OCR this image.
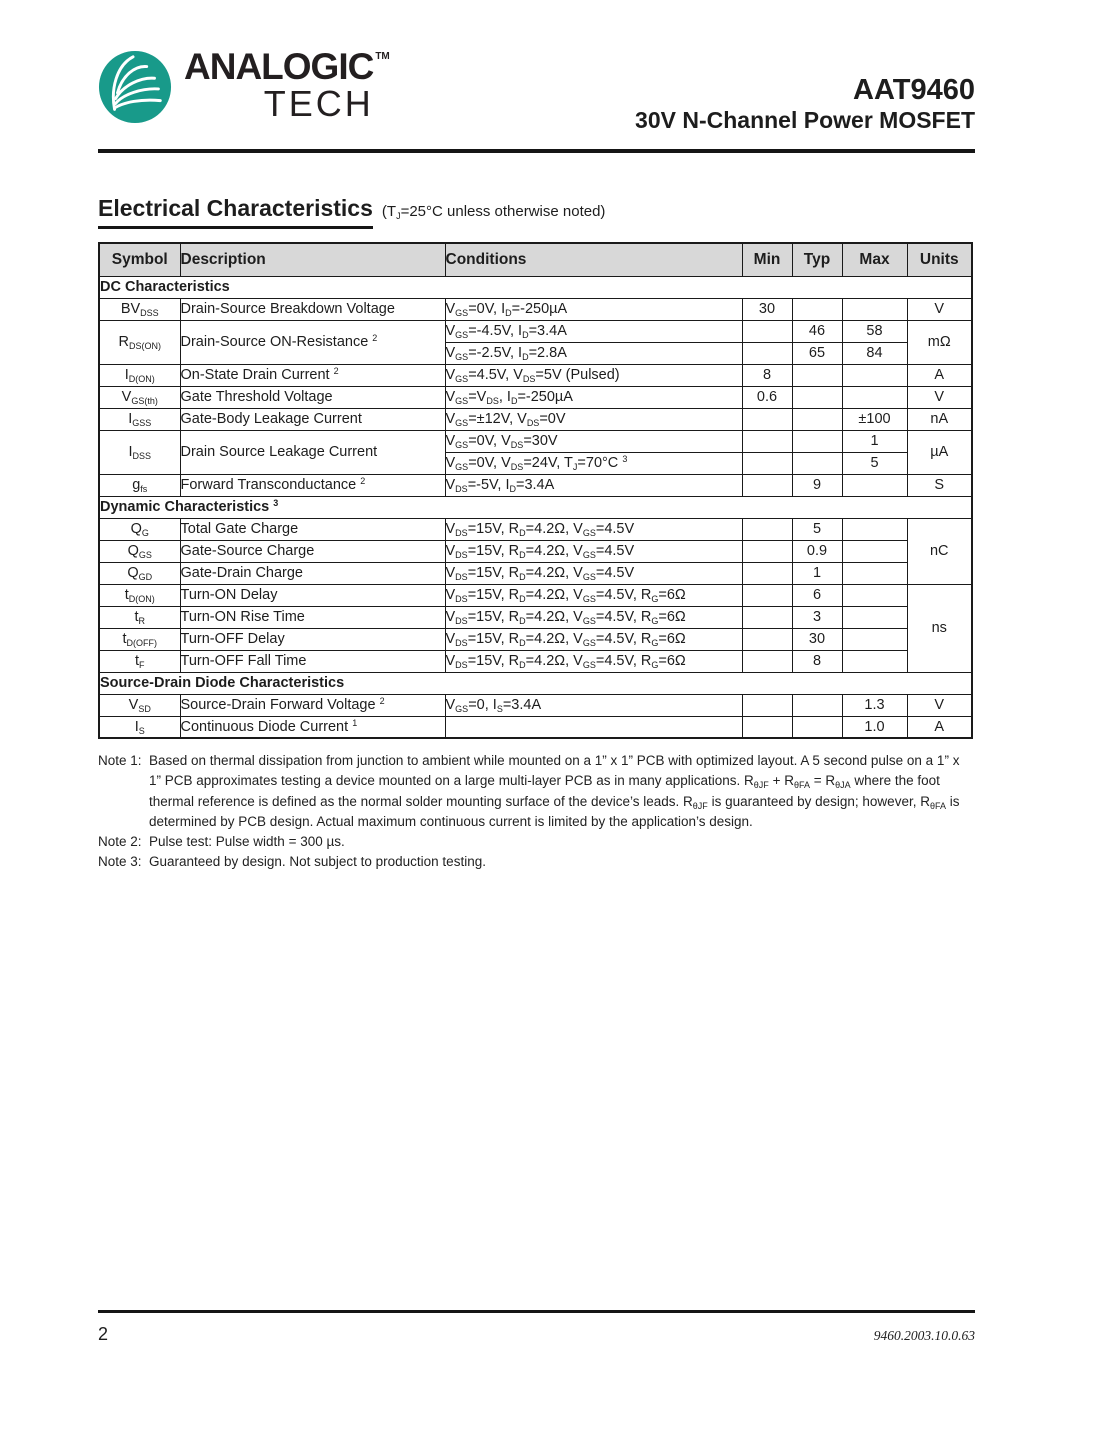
ANALOGIC ™
TECH	AAT9460
30V N-Channel Power MOSFET
Electrical Characteristics ($T_J=25^\circ C$ unless otherwise noted)
Symbol	Description	Conditions	Min	Typ	Max	Units
DC Characteristics						
$BV_{DSS}$	Drain-Source Breakdown Voltage	$V_{GS}=0V$, $I_D=-250\mu A$	30			V
$R_{DS(ON)}$	Drain-Source ON-Resistance $^2$	$V_{GS}=-4.5V$, $I_D=3.4A$		46	58	mΩ
		$V_{GS}=-2.5V$, $I_D=2.8A$		65	84	
$I_{D(ON)}$	On-State Drain Current $^2$	$V_{GS}=4.5V$, $V_{DS}=5V$ (Pulsed)	8			A
$V_{GS(th)}$	Gate Threshold Voltage	$V_{GS}=V_{DS}$, $I_D=-250\mu A$	0.6			V
$I_{GSS}$	Gate-Body Leakage Current	$V_{GS}=\pm 12V$, $V_{DS}=0V$			±100	nA
$I_{DSS}$	Drain Source Leakage Current	$V_{GS}=0V$, $V_{DS}=30V$			1	µA
		$V_{GS}=0V$, $V_{DS}=24V$, $T_J=70^\circ C$ $^3$			5	
$g_{fs}$	Forward Transconductance $^2$	$V_{DS}=-5V$, $I_D=3.4A$		9		S
Dynamic Characteristics $^3$
$Q_G$	Total Gate Charge	$V_{DS}=15V$, $R_D=4.2\Omega$, $V_{GS}=4.5V$		5		nC
$Q_{GS}$	Gate-Source Charge	$V_{DS}=15V$, $R_D=4.2\Omega$, $V_{GS}=4.5V$		0.9		
$Q_{GD}$	Gate-Drain Charge	$V_{DS}=15V$, $R_D=4.2\Omega$, $V_{GS}=4.5V$		1		
$t_{D(ON)}$	Turn-ON Delay	$V_{DS}=15V$, $R_D=4.2\Omega$, $V_{GS}=4.5V$, $R_G=6\Omega$		6		ns
$t_R$	Turn-ON Rise Time	$V_{DS}=15V$, $R_D=4.2\Omega$, $V_{GS}=4.5V$, $R_G=6\Omega$		3		
$t_{D(OFF)}$	Turn-OFF Delay	$V_{DS}=15V$, $R_D=4.2\Omega$, $V_{GS}=4.5V$, $R_G=6\Omega$		30		
$t_F$	Turn-OFF Fall Time	$V_{DS}=15V$, $R_D=4.2\Omega$, $V_{GS}=4.5V$, $R_G=6\Omega$		8		
Source-Drain Diode Characteristics						
$V_{SD}$	Source-Drain Forward Voltage $^2$	$V_{GS}=0$, $I_S=3.4A$			1.3	V
$I_S$	Continuous Diode Current $^1$				1.0	A
Note 1: Based on thermal dissipation from junction to ambient while mounted on a 1” x 1” PCB with optimized layout. A 5 second pulse on a 1” x 1” PCB approximates testing a device mounted on a large multi-layer PCB as in many applications. $R_{\theta JF} + R_{\theta FA} = R_{\theta JA}$ where the foot thermal reference is defined as the normal solder mounting surface of the device’s leads. $R_{\theta JF}$ is guaranteed by design; however, $R_{\theta FA}$ is determined by PCB design. Actual maximum continuous current is limited by the application’s design.
Note 2: Pulse test: Pulse width = 300 µs.
Note 3: Guaranteed by design. Not subject to production testing.
2	9460.2003.10.0.63
